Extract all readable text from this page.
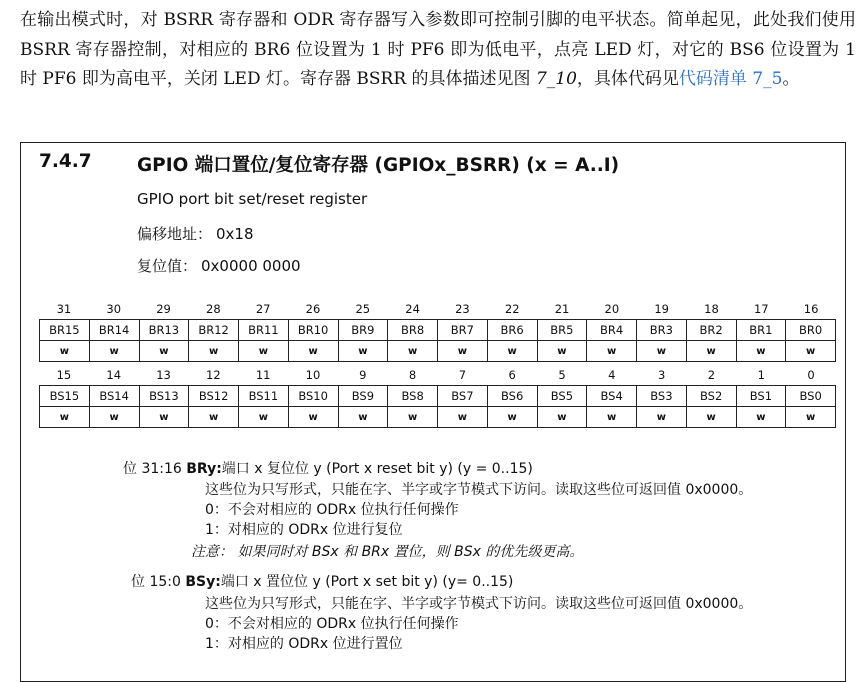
在输出模式时，对 BSRR 寄存器和 ODR 寄存器写入参数即可控制引脚的电平状态。简单起见，此处我们使用 BSRR 寄存器控制，对相应的 BR6 位设置为 1 时 PF6 即为低电平，点亮 LED 灯，对它的 BS6 位设置为 1 时 PF6 即为高电平，关闭 LED 灯。寄存器 BSRR 的具体描述见图 7_10，具体代码见代码清单 7_5。
7.4.7 GPIO 端口置位/复位寄存器 (GPIOx_BSRR) (x = A..I)
GPIO port bit set/reset register
偏移地址： 0x18
复位值： 0x0000 0000
31	30	29	28	27	26	25	24	23	22	21	20	19	18	17	16
BR15	BR14	BR13	BR12	BR11	BR10	BR9	BR8	BR7	BR6	BR5	BR4	BR3	BR2	BR1	BR0
w	w	w	w	w	w	w	w	w	w	w	w	w	w	w	w
15	14	13	12	11	10	9	8	7	6	5	4	3	2	1	0
BS15	BS14	BS13	BS12	BS11	BS10	BS9	BS8	BS7	BS6	BS5	BS4	BS3	BS2	BS1	BS0
w	w	w	w	w	w	w	w	w	w	w	w	w	w	w	w
位 31:16 BRy:端口 x 复位位 y (Port x reset bit y) (y = 0..15)
这些位为只写形式，只能在字、半字或字节模式下访问。读取这些位可返回值 0x0000。
0：不会对相应的 ODRx 位执行任何操作
1：对相应的 ODRx 位进行复位
注意： 如果同时对 BSx 和 BRx 置位，则 BSx 的优先级更高。
位 15:0 BSy:端口 x 置位位 y (Port x set bit y) (y= 0..15)
这些位为只写形式，只能在字、半字或字节模式下访问。读取这些位可返回值 0x0000。
0：不会对相应的 ODRx 位执行任何操作
1：对相应的 ODRx 位进行置位
